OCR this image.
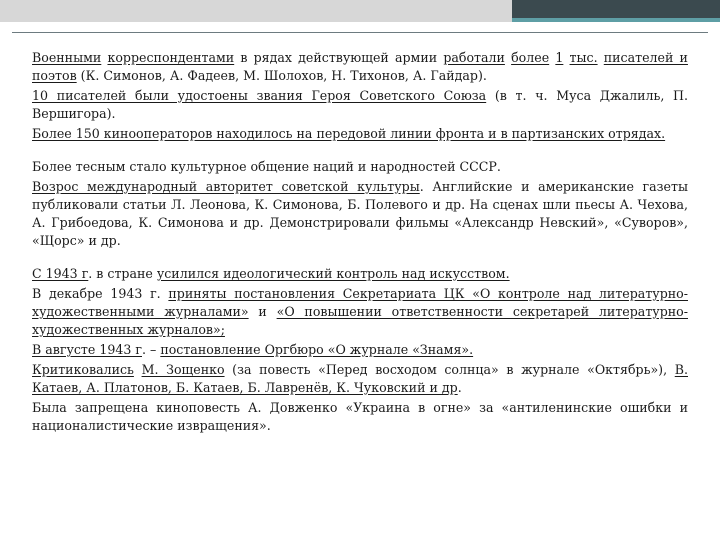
Военными корреспондентами в рядах действующей армии работали более 1 тыс. писателей и поэтов (К. Симонов, А. Фадеев, М. Шолохов, Н. Тихонов, А. Гайдар).

10 писателей были удостоены звания Героя Советского Союза (в т. ч. Муса Джалиль, П. Вершигора).

Более 150 кинооператоров находилось на передовой линии фронта и в партизанских отрядах.

Более тесным стало культурное общение наций и народностей СССР.

Возрос международный авторитет советской культуры. Английские и американские газеты публиковали статьи Л. Леонова, К. Симонова, Б. Полевого и др. На сценах шли пьесы А. Чехова, А. Грибоедова, К. Симонова и др. Демонстрировали фильмы «Александр Невский», «Суворов», «Щорс» и др.

С 1943 г. в стране усилился идеологический контроль над искусством.

В декабре 1943 г. приняты постановления Секретариата ЦК «О контроле над литературно-художественными журналами» и «О повышении ответственности секретарей литературно-художественных журналов»;

В августе 1943 г. – постановление Оргбюро «О журнале «Знамя».

Критиковались М. Зощенко (за повесть «Перед восходом солнца» в журнале «Октябрь»), В. Катаев, А. Платонов, Б. Катаев, Б. Лавренёв, К. Чуковский и др.

Была запрещена киноповесть А. Довженко «Украина в огне» за «антиленинские ошибки и националистические извращения».
